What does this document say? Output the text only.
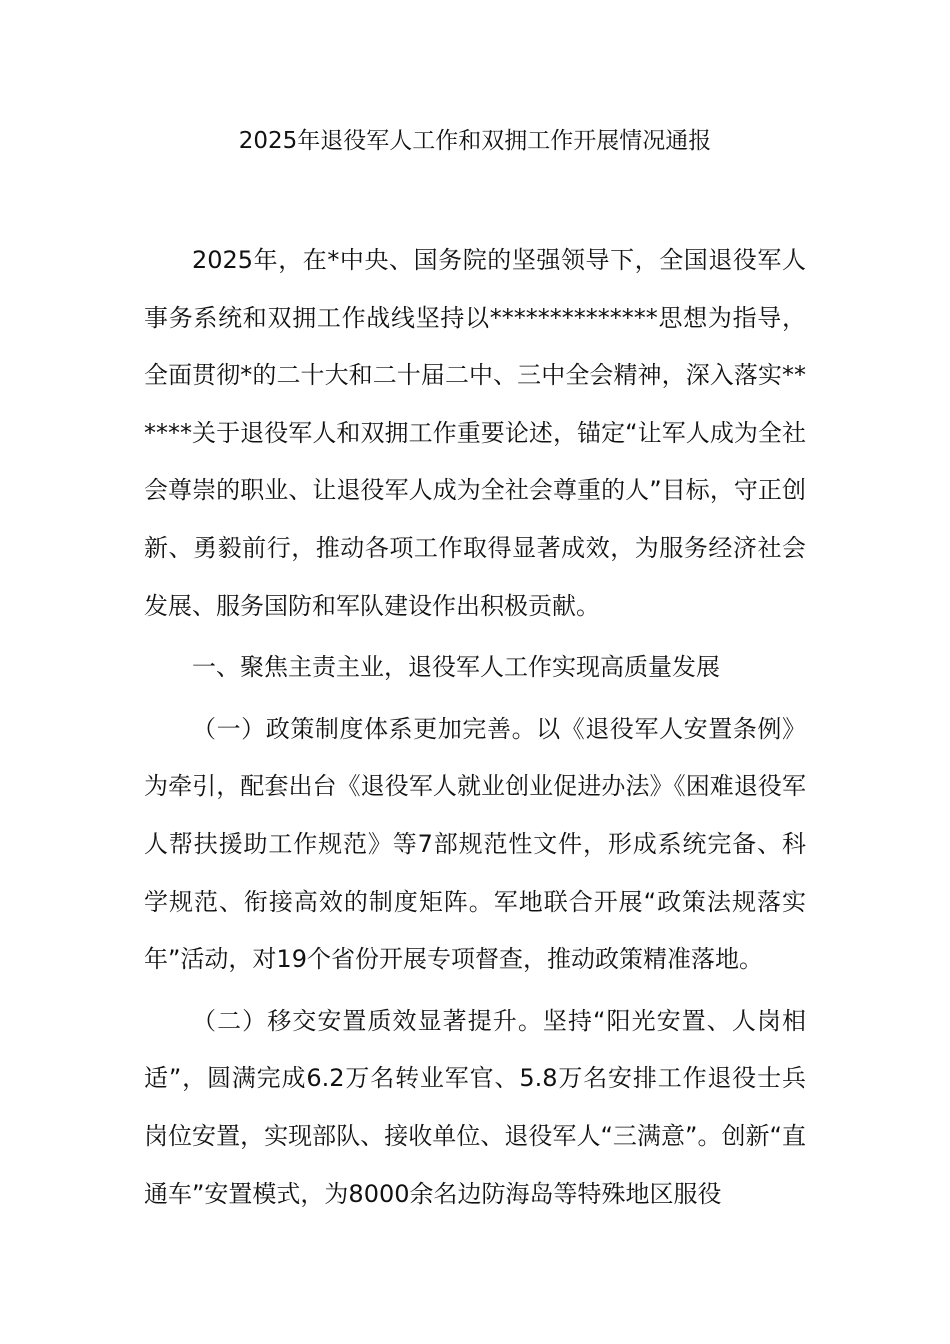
2025年退役军人工作和双拥工作开展情况通报

2025年，在*中央、国务院的坚强领导下，全国退役军人事务系统和双拥工作战线坚持以**************思想为指导，全面贯彻*的二十大和二十届二中、三中全会精神，深入落实******关于退役军人和双拥工作重要论述，锚定“让军人成为全社会尊崇的职业、让退役军人成为全社会尊重的人”目标，守正创新、勇毅前行，推动各项工作取得显著成效，为服务经济社会发展、服务国防和军队建设作出积极贡献。

一、聚焦主责主业，退役军人工作实现高质量发展

（一）政策制度体系更加完善。以《退役军人安置条例》为牵引，配套出台《退役军人就业创业促进办法》《困难退役军人帮扶援助工作规范》等7部规范性文件，形成系统完备、科学规范、衔接高效的制度矩阵。军地联合开展“政策法规落实年”活动，对19个省份开展专项督查，推动政策精准落地。

（二）移交安置质效显著提升。坚持“阳光安置、人岗相适”，圆满完成6.2万名转业军官、5.8万名安排工作退役士兵岗位安置，实现部队、接收单位、退役军人“三满意”。创新“直通车”安置模式，为8000余名边防海岛等特殊地区服役
